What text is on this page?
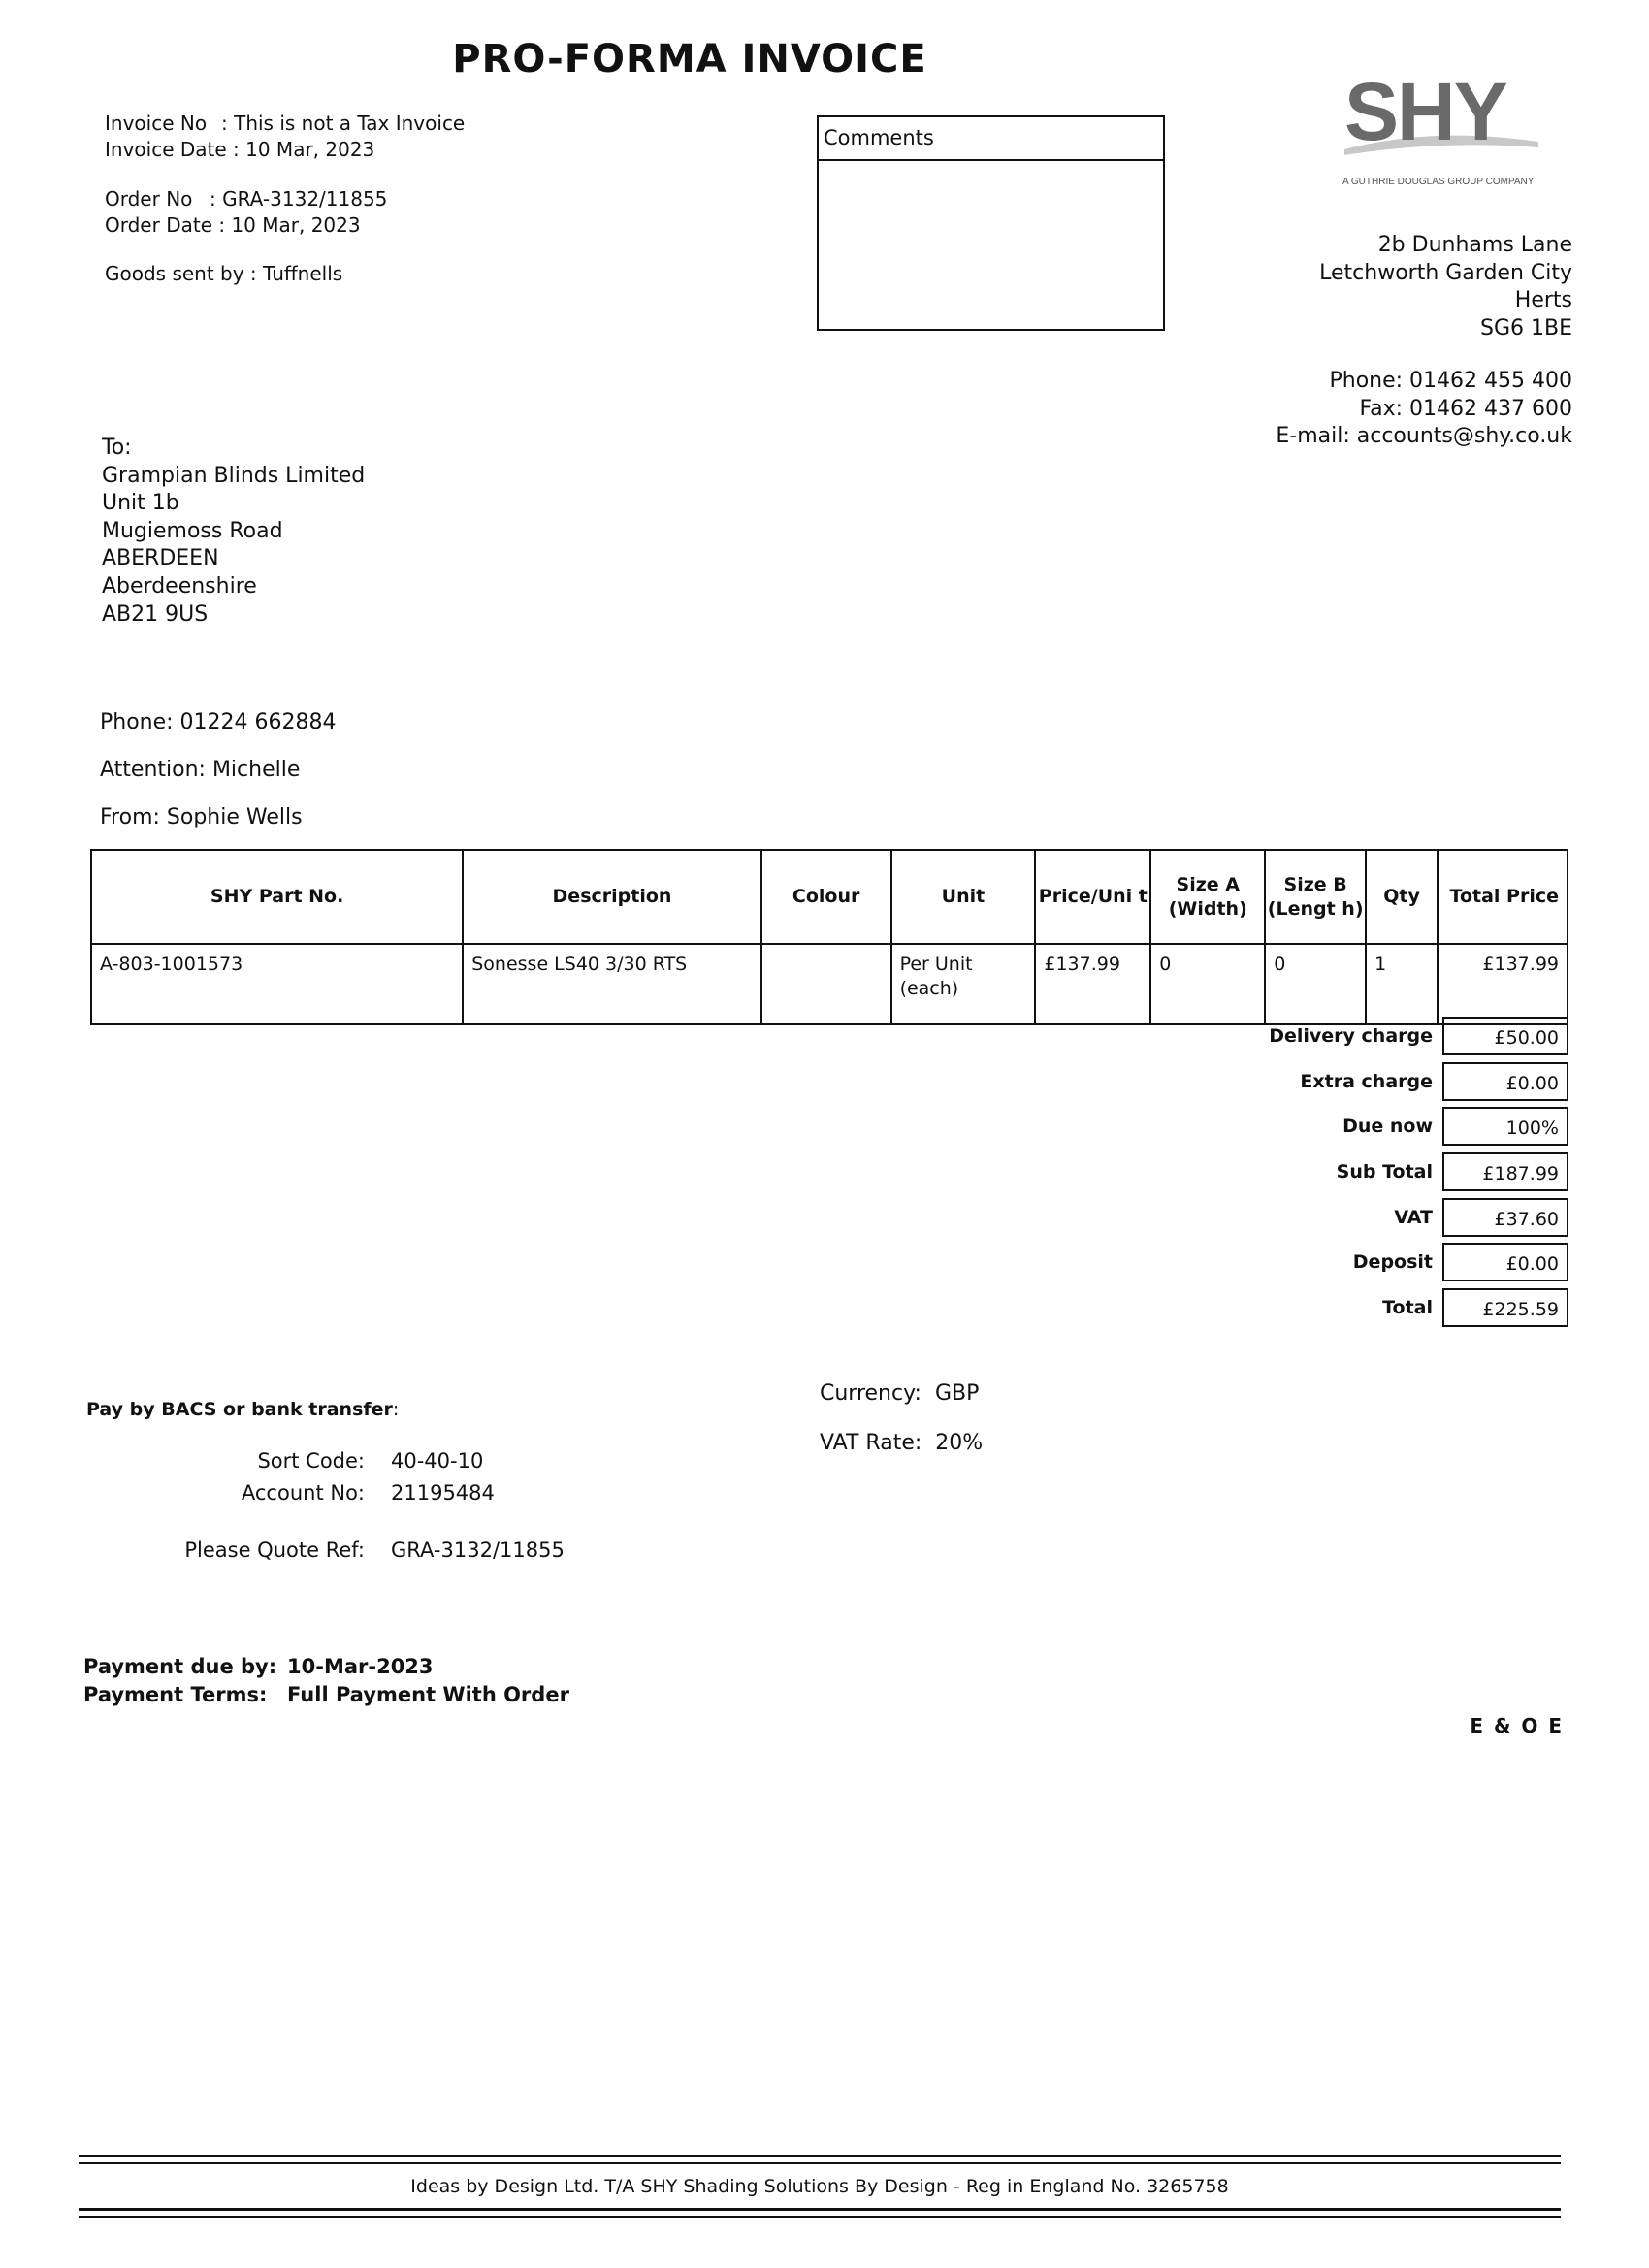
PRO-FORMA INVOICE
Invoice No : This is not a Tax Invoice
Invoice Date : 10 Mar, 2023
Order No : GRA-3132/11855
Order Date : 10 Mar, 2023
Goods sent by : Tuffnells
Comments	SHY
A GUTHRIE DOUGLAS GROUP COMPANY
2b Dunhams Lane
Letchworth Garden City
Herts
SG6 1BE
Phone: 01462 455 400
Fax: 01462 437 600
E-mail: accounts@shy.co.uk
To:
Grampian Blinds Limited
Unit 1b
Mugiemoss Road
ABERDEEN
Aberdeenshire
AB21 9US
Phone: 01224 662884
Attention: Michelle
From: Sophie Wells
SHY Part No.	Description	Colour	Unit	Price/Uni t	Size A (Width)	Size B (Lengt h)	Qty	Total Price
A-803-1001573	Sonesse LS40 3/30 RTS		Per Unit (each)	£137.99	0	0	1	£137.99
Delivery charge	£50.00
Extra charge	£0.00
Due now	100%
Sub Total	£187.99
VAT	£37.60
Deposit	£0.00
Total	£225.59
Pay by BACS or bank transfer:
Sort Code: 40-40-10
Account No: 21195484
Please Quote Ref: GRA-3132/11855
Currency: GBP
VAT Rate: 20%
Payment due by: 10-Mar-2023
Payment Terms: Full Payment With Order
E & O E
Ideas by Design Ltd. T/A SHY Shading Solutions By Design - Reg in England No. 3265758
